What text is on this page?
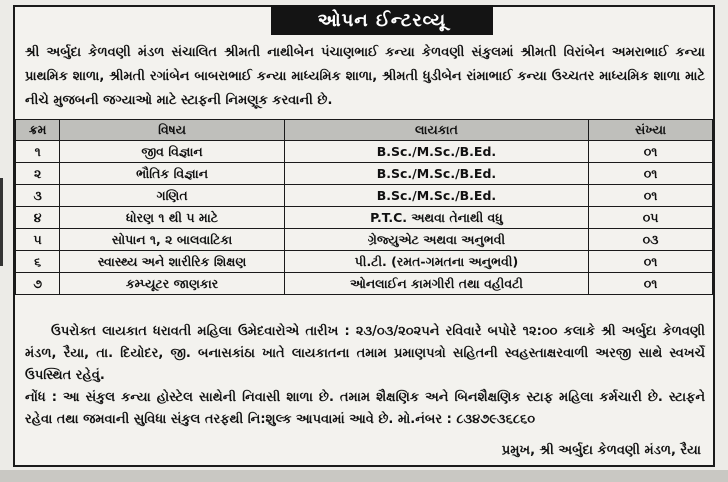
ઓપન ઈન્ટરવ્યૂ
શ્રી અર્બુદા કેળવણી મંડળ સંચાલિત શ્રીમતી નાથીબેન પંચાણભાઈ કન્યા કેળવણી સંકુલમાં શ્રીમતી વિરાંબેન અમરાભાઈ કન્યા પ્રાથમિક શાળા, શ્રીમતી રગાંબેન બાબરાભાઈ કન્યા માધ્યમિક શાળા, શ્રીમતી ધુડીબેન રાંમાભાઈ કન્યા ઉચ્ચતર માધ્યમિક શાળા માટે નીચે મુજબની જગ્યાઓ માટે સ્ટાફની નિમણૂક કરવાની છે.
ક્રમ	વિષય	લાયકાત	સંખ્યા
૧	જીવ વિજ્ઞાન	B.Sc./M.Sc./B.Ed.	૦૧
૨	ભૌતિક વિજ્ઞાન	B.Sc./M.Sc./B.Ed.	૦૧
૩	ગણિત	B.Sc./M.Sc./B.Ed.	૦૧
૪	ધોરણ ૧ થી ૫ માટે	P.T.C. અથવા તેનાથી વધુ	૦૫
૫	સોપાન ૧, ૨ બાલવાટિકા	ગ્રેજ્યુએટ અથવા અનુભવી	૦૩
૬	સ્વાસ્થ્ય અને શારીરિક શિક્ષણ	પી.ટી. (રમત-ગમતના અનુભવી)	૦૧
૭	કમ્પ્યૂટર જાણકાર	ઓનલાઈન કામગીરી તથા વહીવટી	૦૧

ઉપરોક્ત લાયકાત ધરાવતી મહિલા ઉમેદવારોએ તારીખ : ૨૩/૦૩/૨૦૨૫ને રવિવારે બપોરે ૧૨:૦૦ કલાકે શ્રી અર્બુદા કેળવણી મંડળ, રૈયા, તા. દિયોદર, જી. બનાસકાંઠા ખાતે લાયકાતના તમામ પ્રમાણપત્રો સહિતની સ્વહસ્તાક્ષરવાળી અરજી સાથે સ્વખર્ચે ઉપસ્થિત રહેવું.

નોંધ : આ સંકુલ કન્યા હોસ્ટેલ સાથેની નિવાસી શાળા છે. તમામ શૈક્ષણિક અને બિનશૈક્ષણિક સ્ટાફ મહિલા કર્મચારી છે. સ્ટાફને રહેવા તથા જમવાની સુવિધા સંકુલ તરફથી નિ:શુલ્ક આપવામાં આવે છે. મો.નંબર : ૮૩૪૭૯૩૬૮૬૦

પ્રમુખ, શ્રી અર્બુદા કેળવણી મંડળ, રૈયા
